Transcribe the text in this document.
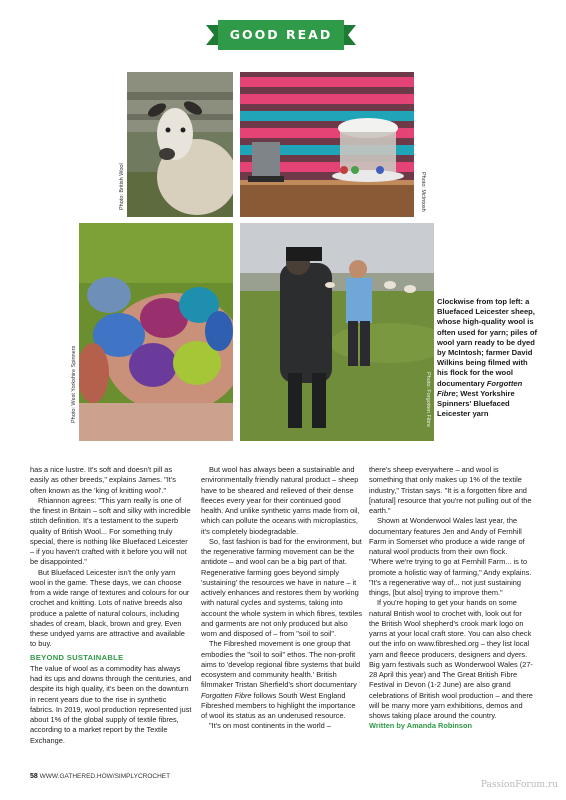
GOOD READ
Photo: British Wool	Photo: McIntosh
Photo: West Yorkshire Spinners	Photo: Forgotten Fibre
Clockwise from top left: a Bluefaced Leicester sheep, whose high-quality wool is often used for yarn; piles of wool yarn ready to be dyed by McIntosh; farmer David Wilkins being filmed with his flock for the wool documentary Forgotten Fibre; West Yorkshire Spinners' Bluefaced Leicester yarn

has a nice lustre. It's soft and doesn't pill as easily as other breeds," explains James. "It's often known as the 'king of knitting wool'."

Rhiannon agrees: "This yarn really is one of the finest in Britain – soft and silky with incredible stitch definition. It's a testament to the superb quality of British Wool... For something truly special, there is nothing like Bluefaced Leicester – if you haven't crafted with it before you will not be disappointed."

But Bluefaced Leicester isn't the only yarn wool in the game. These days, we can choose from a wide range of textures and colours for our crochet and knitting. Lots of native breeds also produce a palette of natural colours, including shades of cream, black, brown and grey. Even these undyed yarns are attractive and available to buy.

BEYOND SUSTAINABLE

The value of wool as a commodity has always had its ups and downs through the centuries, and despite its high quality, it's been on the downturn in recent years due to the rise in synthetic fabrics. In 2019, wool production represented just about 1% of the global supply of textile fibres, according to a market report by the Textile Exchange.

But wool has always been a sustainable and environmentally friendly natural product – sheep have to be sheared and relieved of their dense fleeces every year for their continued good health. And unlike synthetic yarns made from oil, which can pollute the oceans with microplastics, it's completely biodegradable.

So, fast fashion is bad for the environment, but the regenerative farming movement can be the antidote – and wool can be a big part of that. Regenerative farming goes beyond simply 'sustaining' the resources we have in nature – it actively enhances and restores them by working with natural cycles and systems, taking into account the whole system in which fibres, textiles and garments are not only produced but also worn and disposed of – from "soil to soil".

The Fibreshed movement is one group that embodies the "soil to soil" ethos. The non-profit aims to 'develop regional fibre systems that build ecosystem and community health.' British filmmaker Tristan Sherfield's short documentary Forgotten Fibre follows South West England Fibreshed members to highlight the importance of wool its status as an underused resource.

"It's on most continents in the world –

there's sheep everywhere – and wool is something that only makes up 1% of the textile industry," Tristan says. "It is a forgotten fibre and [natural] resource that you're not pulling out of the earth."

Shown at Wonderwool Wales last year, the documentary features Jen and Andy of Fernhill Farm in Somerset who produce a wide range of natural wool products from their own flock. "Where we're trying to go at Fernhill Farm... is to promote a holistic way of farming," Andy explains. "It's a regenerative way of... not just sustaining things, [but also] trying to improve them."

If you're hoping to get your hands on some natural British wool to crochet with, look out for the British Wool shepherd's crook mark logo on yarns at your local craft store. You can also check out the info on www.fibreshed.org – they list local yarn and fleece producers, designers and dyers. Big yarn festivals such as Wonderwool Wales (27-28 April this year) and The Great British Fibre Festival in Devon (1-2 June) are also grand celebrations of British wool production – and there will be many more yarn exhibitions, demos and shows taking place around the country.

Written by Amanda Robinson
58 WWW.GATHERED.HOW/SIMPLYCROCHET
PassionForum.ru
